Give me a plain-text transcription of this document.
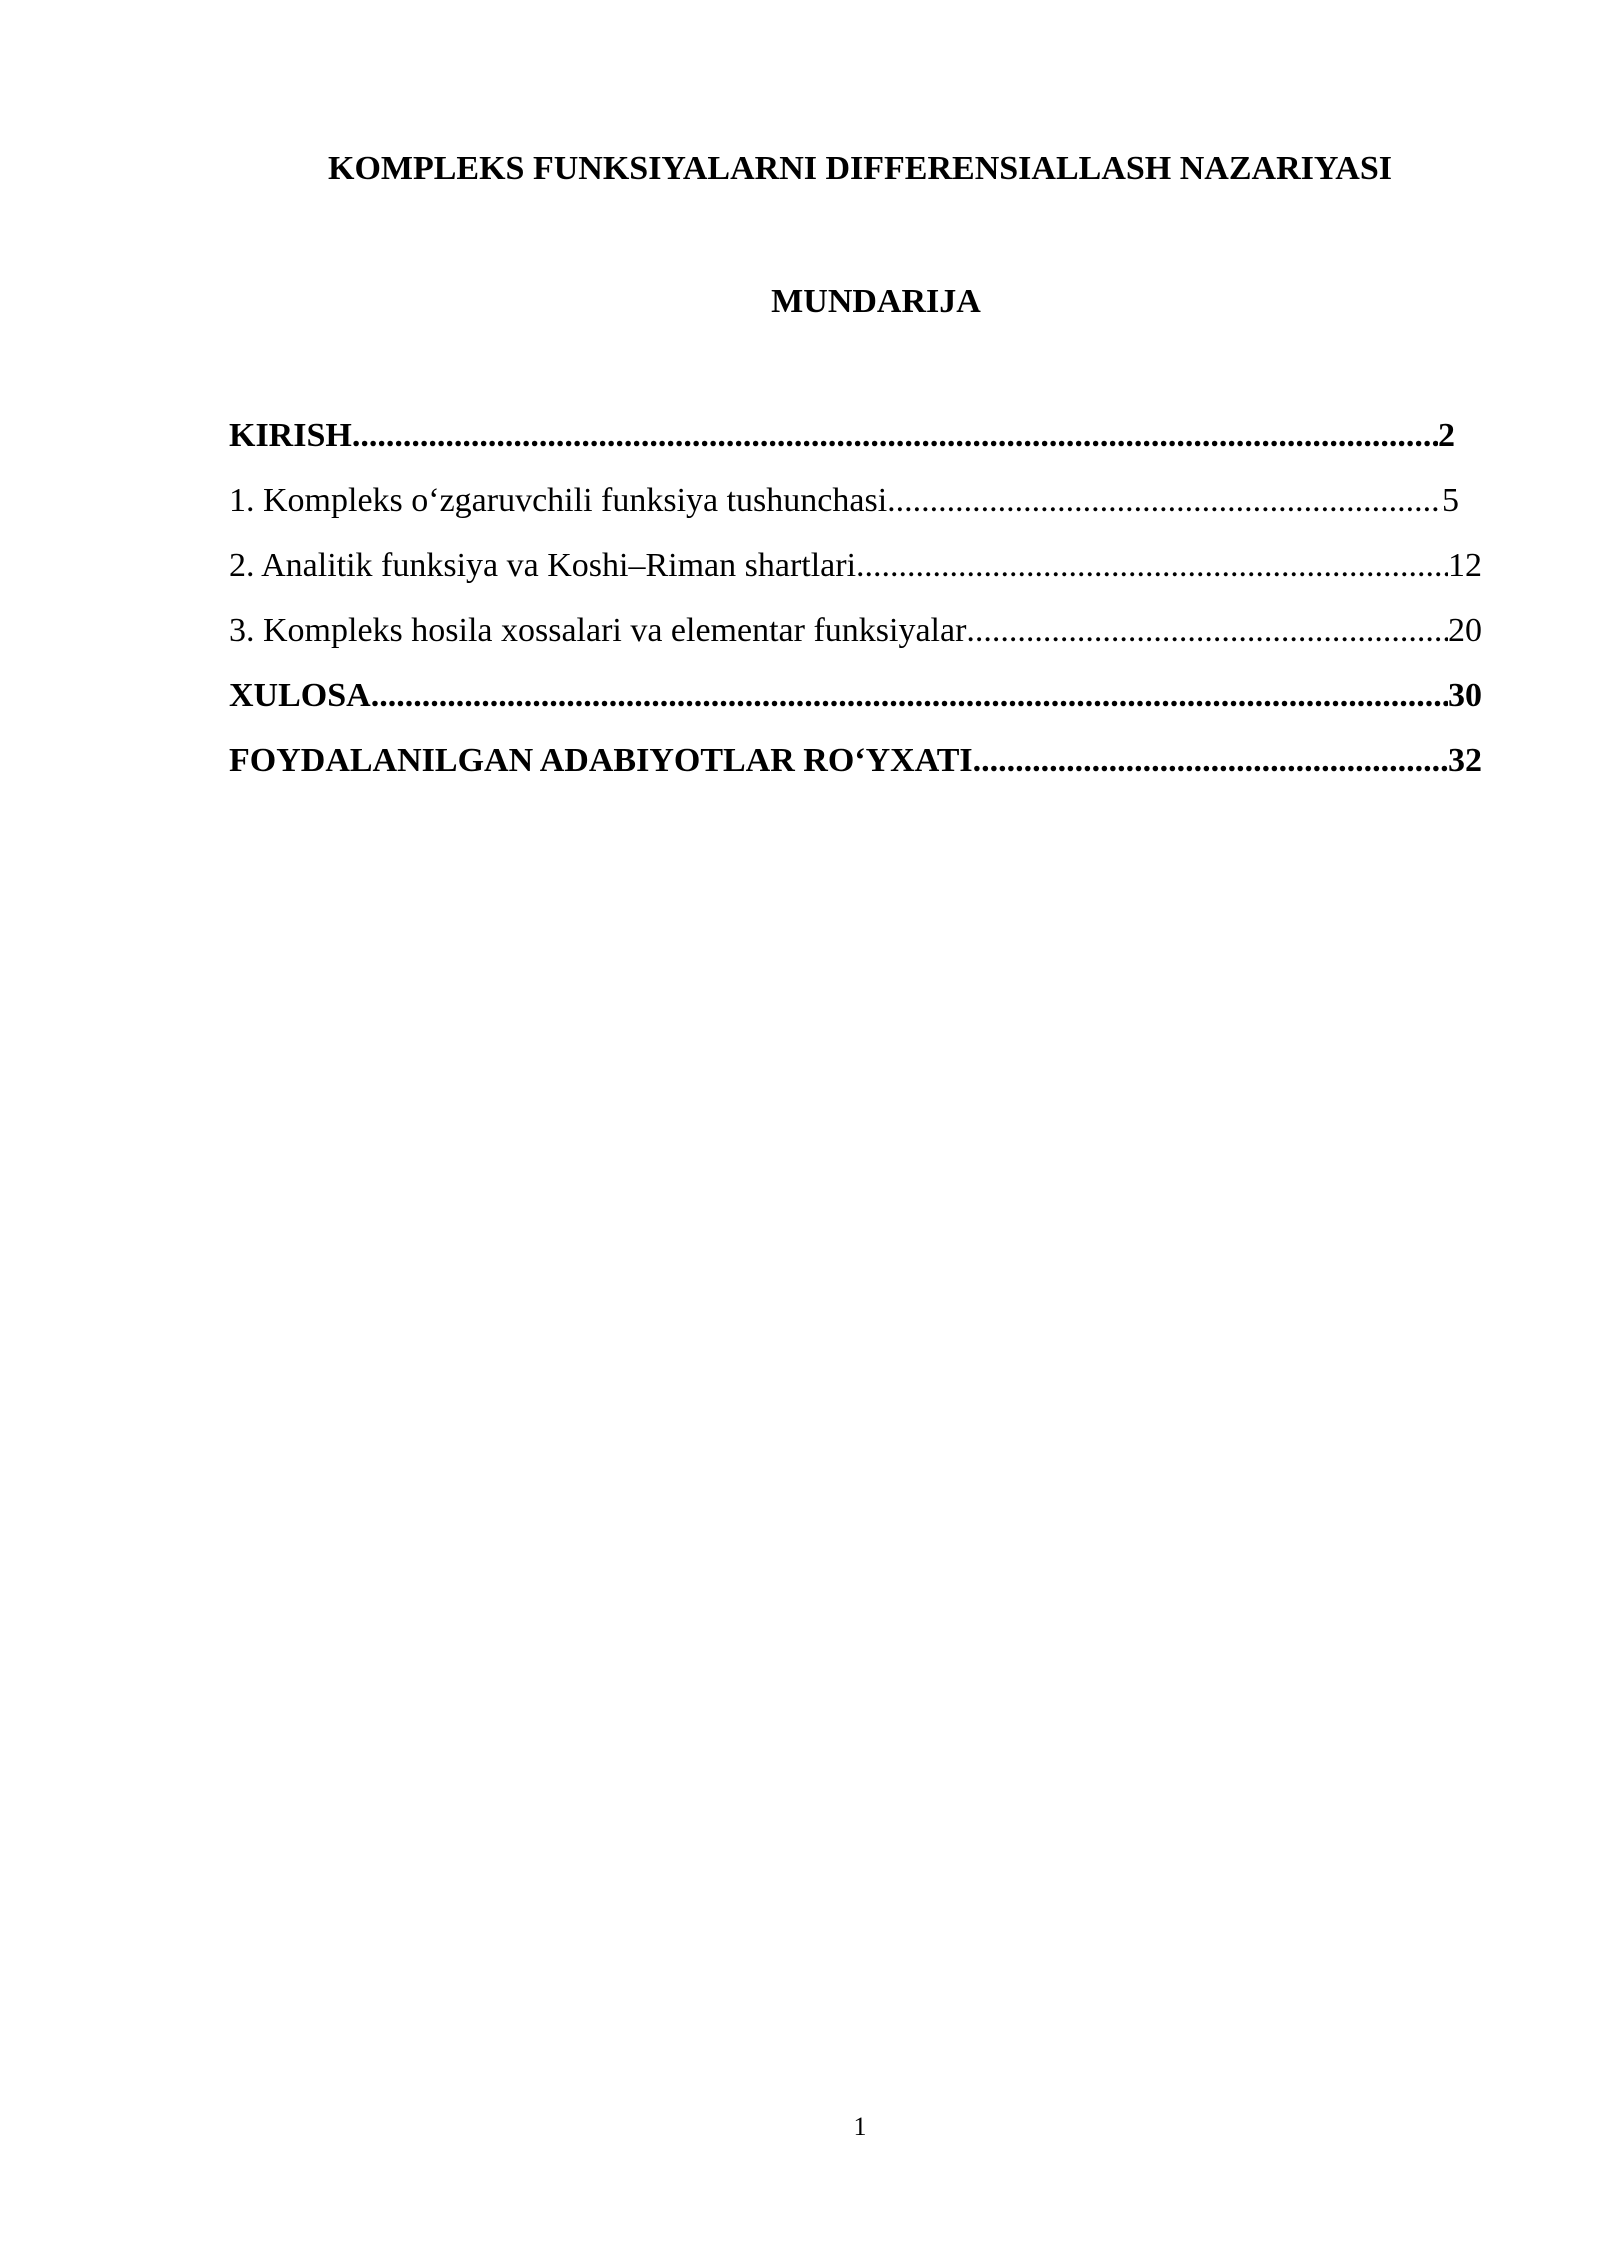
KOMPLEKS FUNKSIYALARNI DIFFERENSIALLASH NAZARIYASI
MUNDARIJA
KIRISH .....	2
1. Kompleks o‘zgaruvchili funksiya tushunchasi .....	5
2. Analitik funksiya va Koshi–Riman shartlari .....	12
3. Kompleks hosila xossalari va elementar funksiyalar .....	20
XULOSA .....	30
FOYDALANILGAN ADABIYOTLAR RO‘YXATI .....	32
1
